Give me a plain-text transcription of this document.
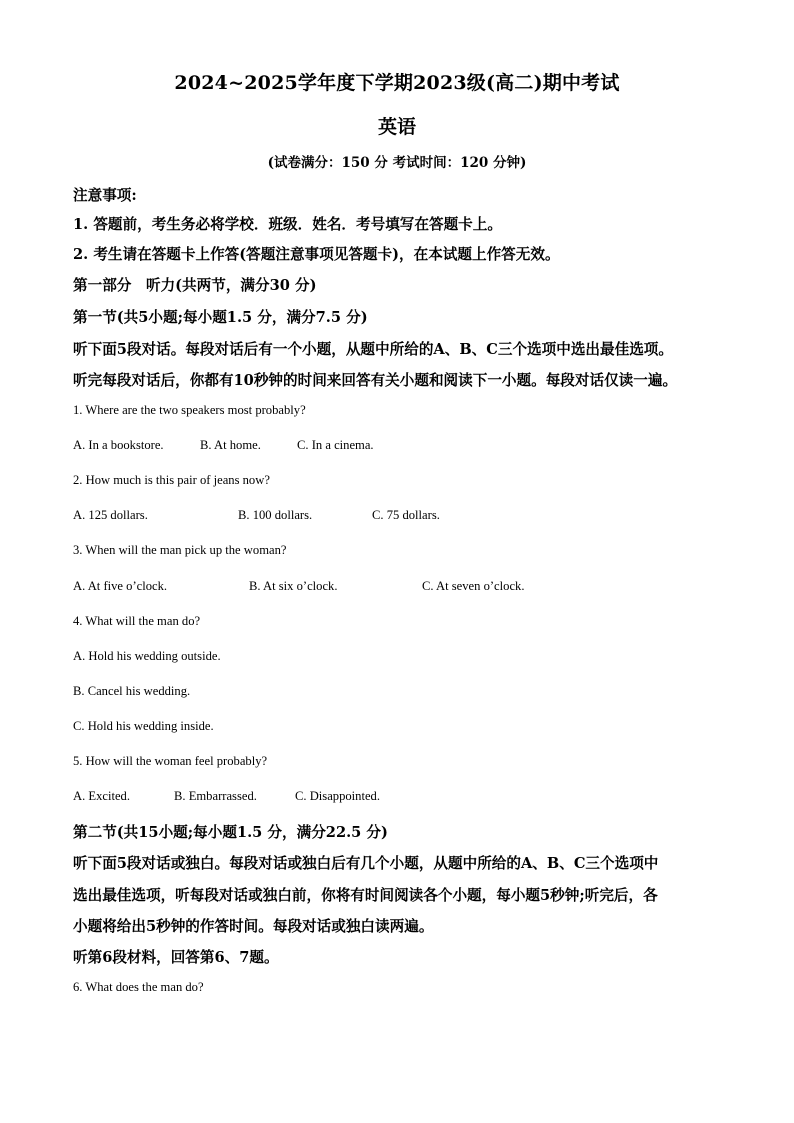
2024~2025学年度下学期2023级(高二)期中考试
英语
(试卷满分：150 分 考试时间：120 分钟)
注意事项:
1. 答题前，考生务必将学校．班级．姓名．考号填写在答题卡上。
2. 考生请在答题卡上作答(答题注意事项见答题卡)，在本试题上作答无效。
第一部分　听力(共两节，满分30 分)
第一节(共5小题;每小题1.5 分，满分7.5 分)
听下面5段对话。每段对话后有一个小题，从题中所给的A、B、C三个选项中选出最佳选项。
听完每段对话后，你都有10秒钟的时间来回答有关小题和阅读下一小题。每段对话仅读一遍。
1. Where are the two speakers most probably?
A. In a bookstore.	B. At home.	C. In a cinema.
2. How much is this pair of jeans now?
A. 125 dollars.	B. 100 dollars.	C. 75 dollars.
3. When will the man pick up the woman?
A. At five o’clock.	B. At six o’clock.	C. At seven o’clock.
4. What will the man do?
A. Hold his wedding outside.
B. Cancel his wedding.
C. Hold his wedding inside.
5. How will the woman feel probably?
A. Excited.	B. Embarrassed.	C. Disappointed.
第二节(共15小题;每小题1.5 分，满分22.5 分)
听下面5段对话或独白。每段对话或独白后有几个小题，从题中所给的A、B、C三个选项中
选出最佳选项，听每段对话或独白前，你将有时间阅读各个小题，每小题5秒钟;听完后，各
小题将给出5秒钟的作答时间。每段对话或独白读两遍。
听第6段材料，回答第6、7题。
6. What does the man do?
